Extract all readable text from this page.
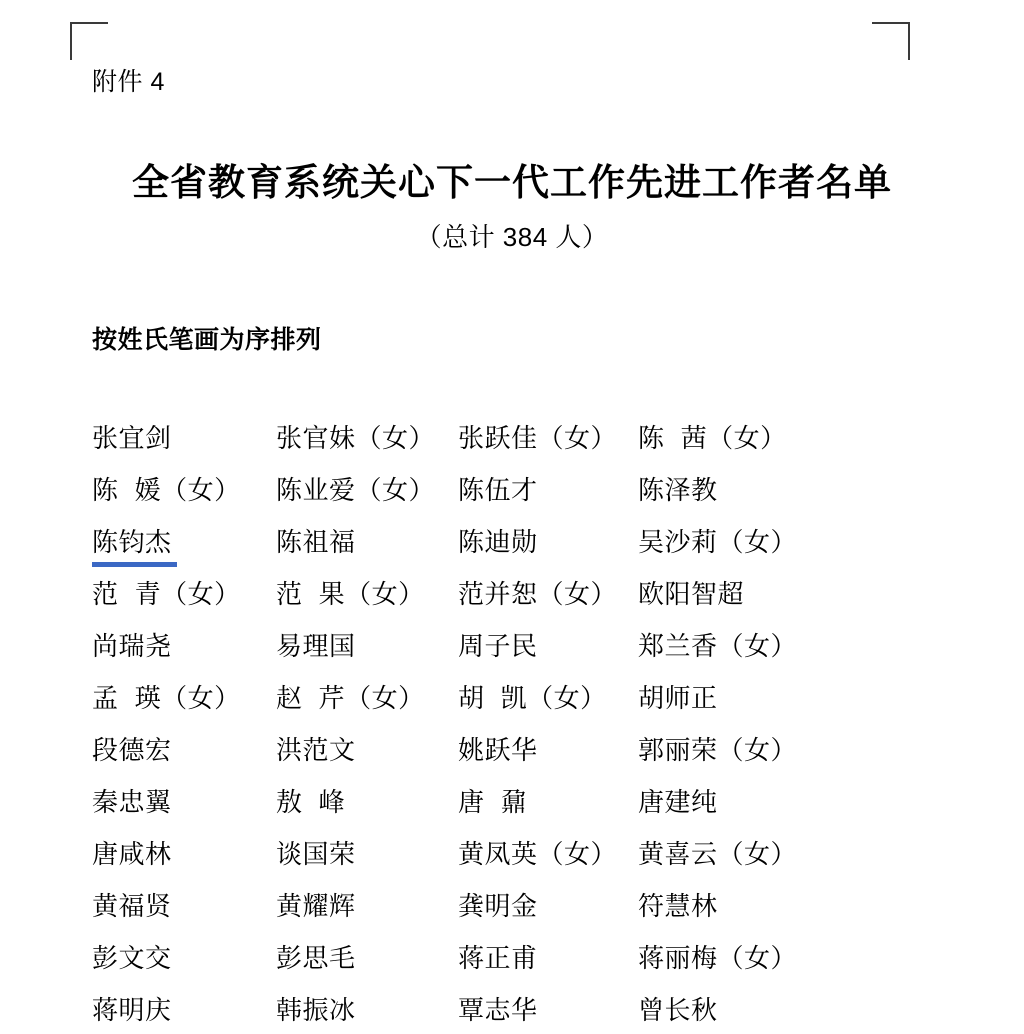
附件 4
全省教育系统关心下一代工作先进工作者名单
（总计 384 人）
按姓氏笔画为序排列
张宜剑	张官妹（女） 张跃佳（女） 陈 茜（女）
陈 媛（女）	陈业爱（女） 陈伍才	陈泽教
陈钧杰	陈祖福	陈迪勋	吴沙莉（女）
范 青（女）	范 果（女）	范并恕（女） 欧阳智超
尚瑞尧	易理国	周子民	郑兰香（女）
孟 瑛（女）	赵 芹（女）	胡 凯（女）	胡师正
段德宏	洪范文	姚跃华	郭丽荣（女）
秦忠翼	敖 峰	唐 鼐	唐建纯
唐咸林	谈国荣	黄凤英（女） 黄喜云（女）
黄福贤	黄耀辉	龚明金	符慧林
彭文交	彭思毛	蒋正甫	蒋丽梅（女）
蒋明庆	韩振冰	覃志华	曾长秋
